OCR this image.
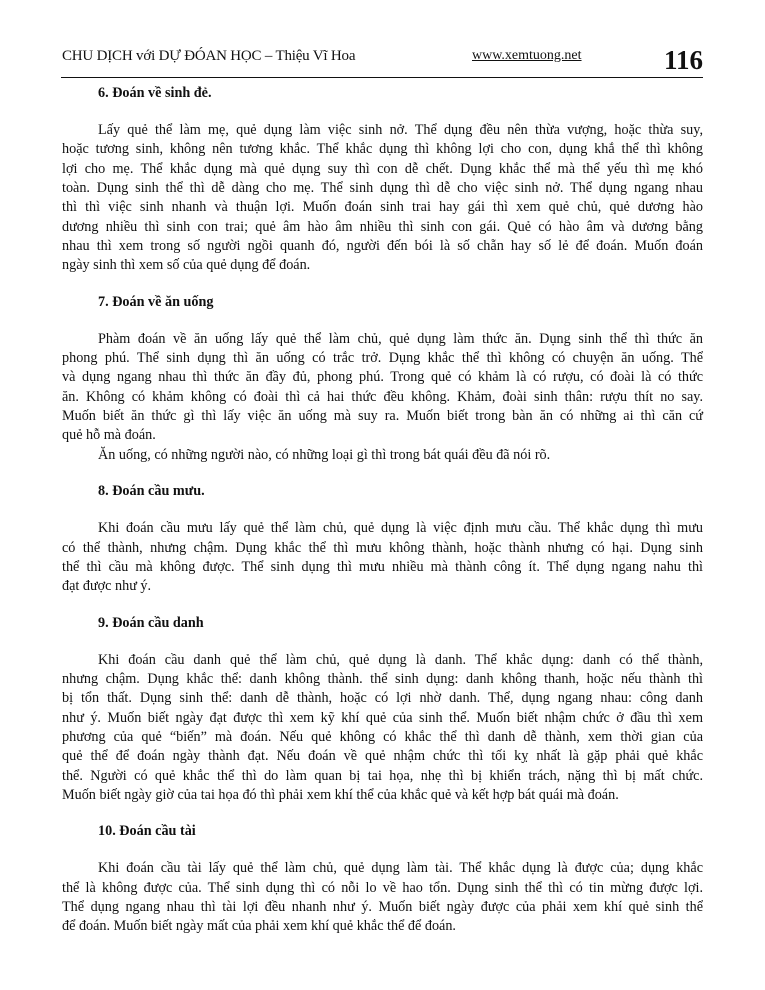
CHU DỊCH với DỰ ĐÓAN HỌC – Thiệu Vĩ Hoa	www.xemtuong.net	116
6. Đoán về sinh đẻ.

Lấy quẻ thể làm mẹ, quẻ dụng làm việc sinh nở. Thể dụng đều nên thừa vượng, hoặc thừa suy,
hoặc tương sinh, không nên tương khắc. Thể khắc dụng thì không lợi cho con, dụng khắ thể thì không
lợi cho mẹ. Thể khắc dụng mà quẻ dụng suy thì con dễ chết. Dụng khắc thể mà thể yếu thì mẹ khó
toàn. Dụng sinh thể thì dễ dàng cho mẹ. Thể sinh dụng thì dễ cho việc sinh nở. Thể dụng ngang nhau
thì thì việc sinh nhanh và thuận lợi. Muốn đoán sinh trai hay gái thì xem quẻ chủ, quẻ dương hào
dương nhiều thì sinh con trai; quẻ âm hào âm nhiều thì sinh con gái. Quẻ có hào âm và dương bằng
nhau thì xem trong số người ngồi quanh đó, người đến bói là số chẵn hay số lẻ để đoán. Muốn đoán
ngày sinh thì xem số của quẻ dụng để đoán.

7. Đoán về ăn uống

Phàm đoán về ăn uống lấy quẻ thể làm chủ, quẻ dụng làm thức ăn. Dụng sinh thể thì thức ăn
phong phú. Thể sinh dụng thì ăn uống có trắc trở. Dụng khắc thể thì không có chuyện ăn uống. Thể
và dụng ngang nhau thì thức ăn đầy đủ, phong phú. Trong quẻ có khảm là có rượu, có đoài là có thức
ăn. Không có khảm không có đoài thì cả hai thức đều không. Khảm, đoài sinh thân: rượu thít no say.
Muốn biết ăn thức gì thì lấy việc ăn uống mà suy ra. Muốn biết trong bàn ăn có những ai thì căn cứ
quẻ hỗ mà đoán.

Ăn uống, có những người nào, có những loại gì thì trong bát quái đều đã nói rõ.

8. Đoán cầu mưu.

Khi đoán cầu mưu lấy quẻ thể làm chủ, quẻ dụng là việc định mưu cầu. Thể khắc dụng thì mưu
có thể thành, nhưng chậm. Dụng khắc thể thì mưu không thành, hoặc thành nhưng có hại. Dụng sinh
thể thì cầu mà không được. Thể sinh dụng thì mưu nhiều mà thành công ít. Thể dụng ngang nahu thì
đạt được như ý.

9. Đoán cầu danh

Khi đoán cầu danh quẻ thể làm chủ, quẻ dụng là danh. Thể khắc dụng: danh có thể thành,
nhưng chậm. Dụng khắc thể: danh không thành. thể sinh dụng: danh không thanh, hoặc nếu thành thì
bị tổn thất. Dụng sinh thể: danh dễ thành, hoặc có lợi nhờ danh. Thể, dụng ngang nhau: công danh
như ý. Muốn biết ngày đạt được thì xem kỹ khí quẻ của sinh thể. Muốn biết nhậm chức ở đầu thì xem
phương của quẻ “biến” mà đoán. Nếu quẻ không có khắc thể thì danh dễ thành, xem thời gian của
quẻ thể để đoán ngày thành đạt. Nếu đoán về quẻ nhậm chức thì tối kỵ nhất là gặp phải quẻ khắc
thể. Người có quẻ khắc thể thì do làm quan bị tai họa, nhẹ thì bị khiển trách, nặng thì bị mất chức.
Muốn biết ngày giờ của tai họa đó thì phải xem khí thể của khắc quẻ và kết hợp bát quái mà đoán.

10. Đoán cầu tài

Khi đoán cầu tài lấy quẻ thể làm chủ, quẻ dụng làm tài. Thể khắc dụng là được của; dụng khắc
thể là không được của. Thể sinh dụng thì có nỗi lo về hao tổn. Dụng sinh thể thì có tin mừng được lợi.
Thể dụng ngang nhau thì tài lợi đều nhanh như ý. Muốn biết ngày được của phải xem khí quẻ sinh thể
để đoán. Muốn biết ngày mất của phải xem khí quẻ khắc thể để đoán.
